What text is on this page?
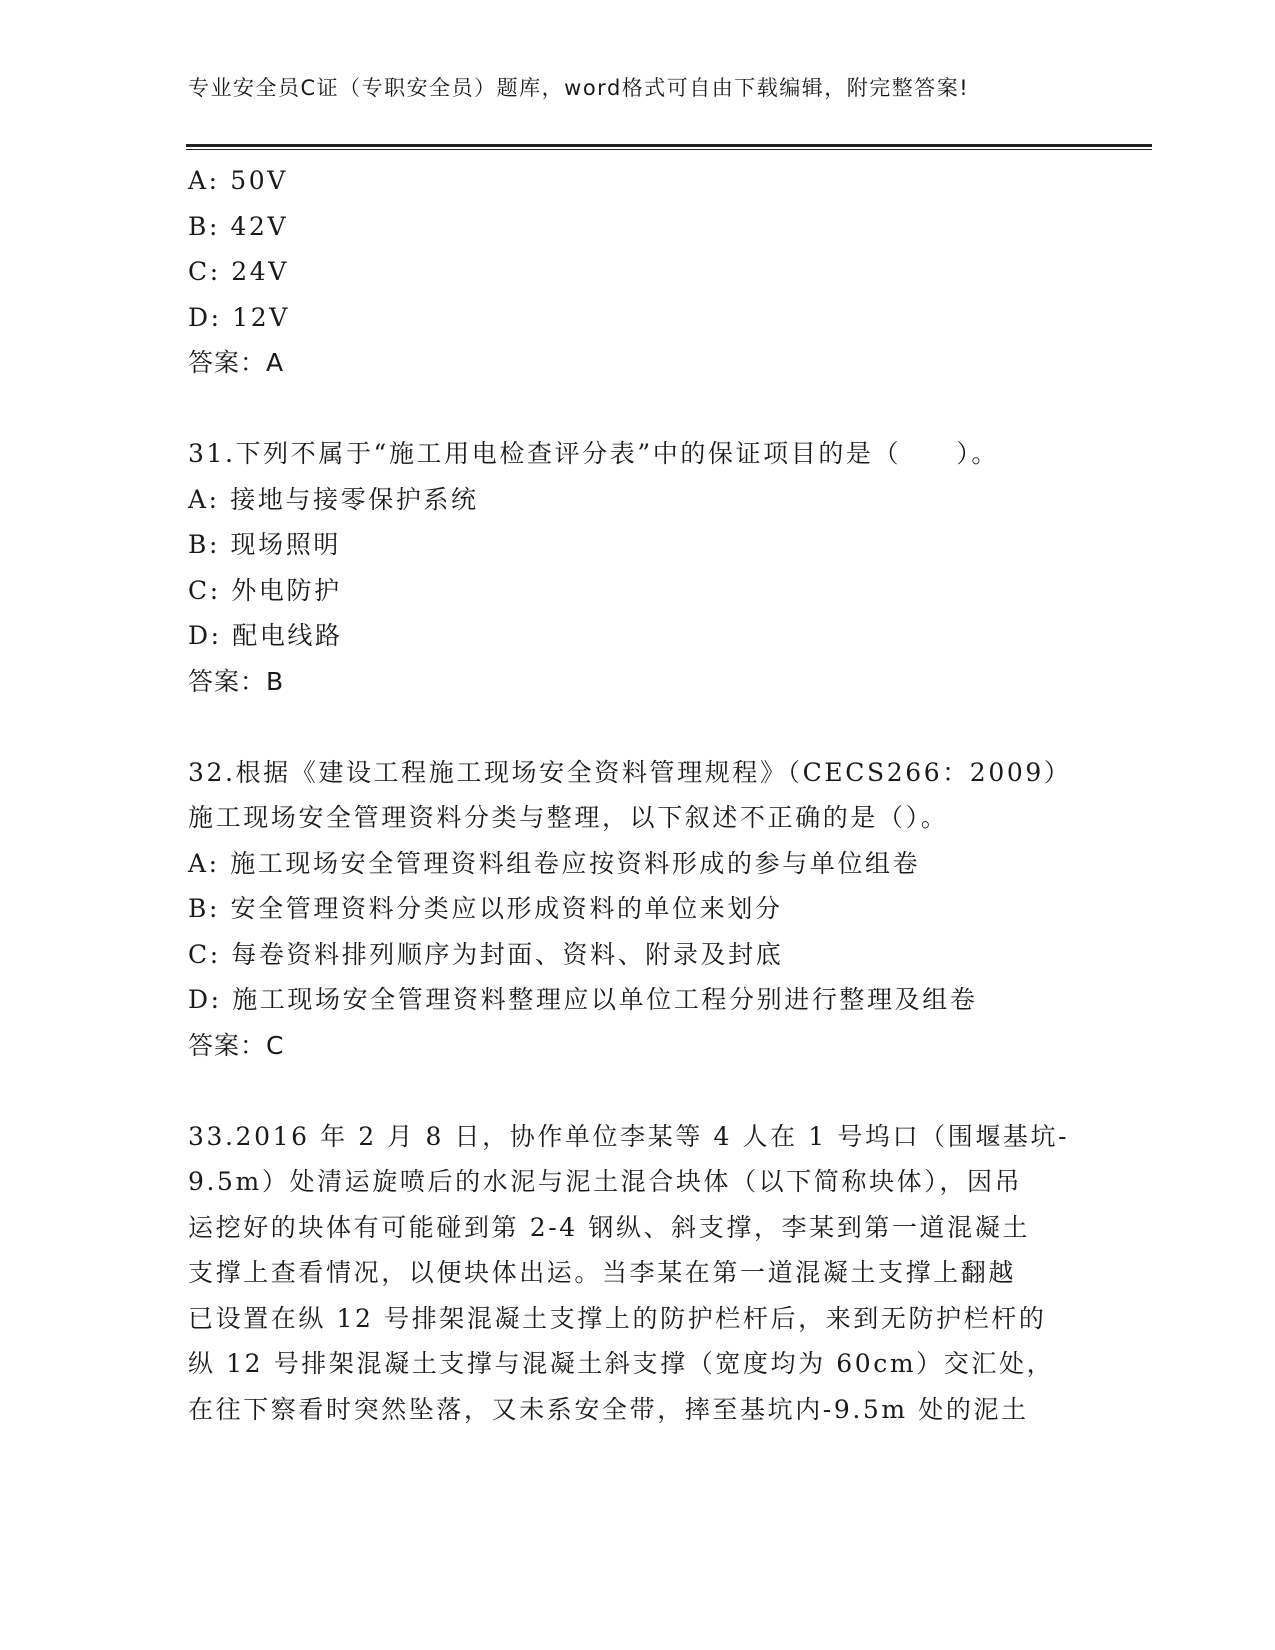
专业安全员C证（专职安全员）题库，word格式可自由下载编辑，附完整答案!
A: 50V
B: 42V
C: 24V
D: 12V
答案：A
31.下列不属于“施工用电检查评分表”中的保证项目的是（　　）。
A: 接地与接零保护系统
B: 现场照明
C: 外电防护
D: 配电线路
答案：B
32.根据《建设工程施工现场安全资料管理规程》（CECS266：2009）
施工现场安全管理资料分类与整理，以下叙述不正确的是（）。
A: 施工现场安全管理资料组卷应按资料形成的参与单位组卷
B: 安全管理资料分类应以形成资料的单位来划分
C: 每卷资料排列顺序为封面、资料、附录及封底
D: 施工现场安全管理资料整理应以单位工程分别进行整理及组卷
答案：C
33.2016 年 2 月 8 日，协作单位李某等 4 人在 1 号坞口（围堰基坑-
9.5m）处清运旋喷后的水泥与泥土混合块体（以下简称块体），因吊
运挖好的块体有可能碰到第 2-4 钢纵、斜支撑，李某到第一道混凝土
支撑上查看情况，以便块体出运。当李某在第一道混凝土支撑上翻越
已设置在纵 12 号排架混凝土支撑上的防护栏杆后，来到无防护栏杆的
纵 12 号排架混凝土支撑与混凝土斜支撑（宽度均为 60cm）交汇处，
在往下察看时突然坠落，又未系安全带，摔至基坑内-9.5m 处的泥土
